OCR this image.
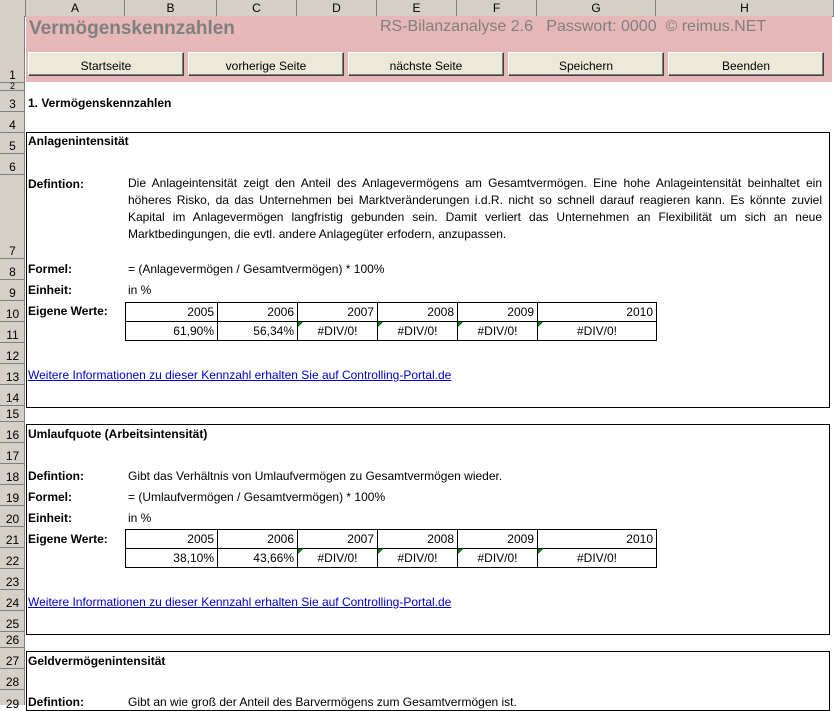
A	B	C	D	E	F	G	H
1
2
3
4
5
6
7
8
9
10
11
12
13
14
15
16
17
18
19
20
21
22
23
24
25
26
27
28
29
Vermögenskennzahlen	RS-Bilanzanalyse 2.6   Passwort: 0000  © reimus.NET
Startseite	vorherige Seite	nächste Seite	Speichern	Beenden
1. Vermögenskennzahlen
Anlagenintensität
Defintion:	Die Anlageintensität zeigt den Anteil des Anlagevermögens am Gesamtvermögen. Eine hohe Anlageintensität beinhaltet ein höheres Risko, da das Unternehmen bei Marktveränderungen i.d.R. nicht so schnell darauf reagieren kann. Es könnte zuviel Kapital im Anlagevermögen langfristig gebunden sein. Damit verliert das Unternehmen an Flexibilität um sich an neue Marktbedingungen, die evtl. andere Anlagegüter erfodern, anzupassen.
Formel:	= (Anlagevermögen / Gesamtvermögen) * 100%
Einheit:	in %
Eigene Werte:	2005	2006	2007	2008	2009	2010
61,90%	56,34%	#DIV/0!	#DIV/0!	#DIV/0!	#DIV/0!
Weitere Informationen zu dieser Kennzahl erhalten Sie auf Controlling-Portal.de
Umlaufquote (Arbeitsintensität)
Defintion:	Gibt das Verhältnis von Umlaufvermögen zu Gesamtvermögen wieder.
Formel:	= (Umlaufvermögen / Gesamtvermögen) * 100%
Einheit:	in %
Eigene Werte:	2005	2006	2007	2008	2009	2010
38,10%	43,66%	#DIV/0!	#DIV/0!	#DIV/0!	#DIV/0!
Weitere Informationen zu dieser Kennzahl erhalten Sie auf Controlling-Portal.de
Geldvermögenintensität
Defintion:	Gibt an wie groß der Anteil des Barvermögens zum Gesamtvermögen ist.
